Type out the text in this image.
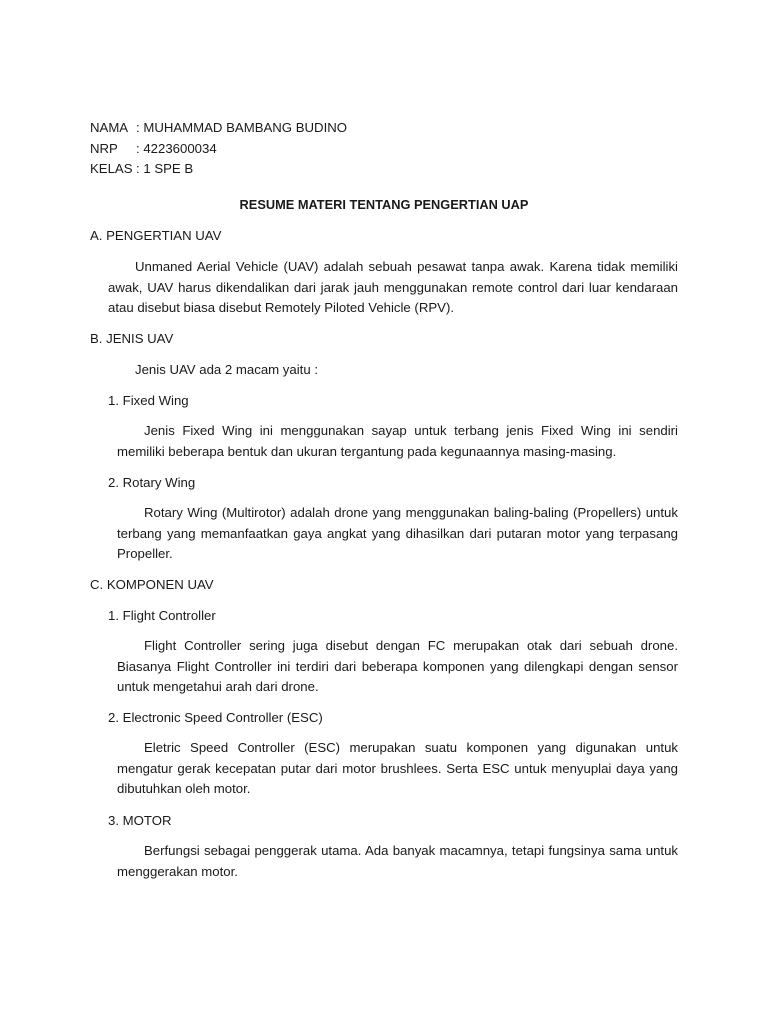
NAMA : MUHAMMAD BAMBANG BUDINO
NRP : 4223600034
KELAS : 1 SPE B
RESUME MATERI TENTANG PENGERTIAN UAP
A. PENGERTIAN UAV
Unmaned Aerial Vehicle (UAV) adalah sebuah pesawat tanpa awak. Karena tidak memiliki awak, UAV harus dikendalikan dari jarak jauh menggunakan remote control dari luar kendaraan atau disebut biasa disebut Remotely Piloted Vehicle (RPV).
B. JENIS UAV
Jenis UAV ada 2 macam yaitu :
1. Fixed Wing
Jenis Fixed Wing ini menggunakan sayap untuk terbang jenis Fixed Wing ini sendiri memiliki beberapa bentuk dan ukuran tergantung pada kegunaannya masing-masing.
2. Rotary Wing
Rotary Wing (Multirotor) adalah drone yang menggunakan baling-baling (Propellers) untuk terbang yang memanfaatkan gaya angkat yang dihasilkan dari putaran motor yang terpasang Propeller.
C. KOMPONEN UAV
1. Flight Controller
Flight Controller sering juga disebut dengan FC merupakan otak dari sebuah drone. Biasanya Flight Controller ini terdiri dari beberapa komponen yang dilengkapi dengan sensor untuk mengetahui arah dari drone.
2. Electronic Speed Controller (ESC)
Eletric Speed Controller (ESC) merupakan suatu komponen yang digunakan untuk mengatur gerak kecepatan putar dari motor brushlees. Serta ESC untuk menyuplai daya yang dibutuhkan oleh motor.
3. MOTOR
Berfungsi sebagai penggerak utama. Ada banyak macamnya, tetapi fungsinya sama untuk menggerakan motor.
